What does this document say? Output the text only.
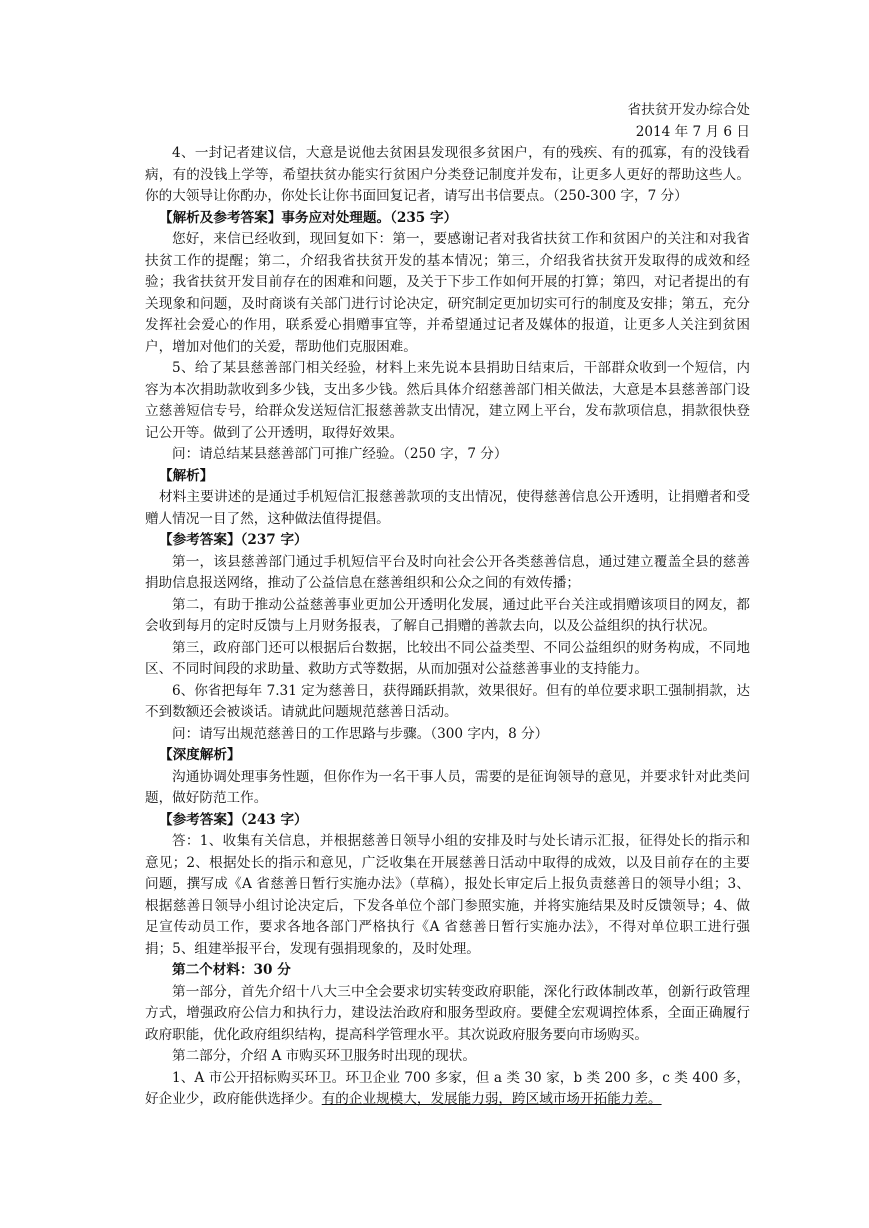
省扶贫开发办综合处

2014 年 7 月 6 日

4、一封记者建议信，大意是说他去贫困县发现很多贫困户，有的残疾、有的孤寡，有的没钱看病，有的没钱上学等，希望扶贫办能实行贫困户分类登记制度并发布，让更多人更好的帮助这些人。你的大领导让你酌办，你处长让你书面回复记者，请写出书信要点。（250-300 字，7 分）

【解析及参考答案】事务应对处理题。（235 字）

您好，来信已经收到，现回复如下：第一，要感谢记者对我省扶贫工作和贫困户的关注和对我省扶贫工作的提醒；第二，介绍我省扶贫开发的基本情况；第三，介绍我省扶贫开发取得的成效和经验；我省扶贫开发目前存在的困难和问题，及关于下步工作如何开展的打算；第四，对记者提出的有关现象和问题，及时商谈有关部门进行讨论决定，研究制定更加切实可行的制度及安排；第五，充分发挥社会爱心的作用，联系爱心捐赠事宜等，并希望通过记者及媒体的报道，让更多人关注到贫困户，增加对他们的关爱，帮助他们克服困难。

5、给了某县慈善部门相关经验，材料上来先说本县捐助日结束后，干部群众收到一个短信，内容为本次捐助款收到多少钱，支出多少钱。然后具体介绍慈善部门相关做法，大意是本县慈善部门设立慈善短信专号，给群众发送短信汇报慈善款支出情况，建立网上平台，发布款项信息，捐款很快登记公开等。做到了公开透明，取得好效果。

问：请总结某县慈善部门可推广经验。（250 字，7 分）

【解析】

材料主要讲述的是通过手机短信汇报慈善款项的支出情况，使得慈善信息公开透明，让捐赠者和受赠人情况一目了然，这种做法值得提倡。

【参考答案】（237 字）

第一，该县慈善部门通过手机短信平台及时向社会公开各类慈善信息，通过建立覆盖全县的慈善捐助信息报送网络，推动了公益信息在慈善组织和公众之间的有效传播；

第二，有助于推动公益慈善事业更加公开透明化发展，通过此平台关注或捐赠该项目的网友，都会收到每月的定时反馈与上月财务报表，了解自己捐赠的善款去向，以及公益组织的执行状况。

第三，政府部门还可以根据后台数据，比较出不同公益类型、不同公益组织的财务构成，不同地区、不同时间段的求助量、救助方式等数据，从而加强对公益慈善事业的支持能力。

6、你省把每年 7.31 定为慈善日，获得踊跃捐款，效果很好。但有的单位要求职工强制捐款，达不到数额还会被谈话。请就此问题规范慈善日活动。

问：请写出规范慈善日的工作思路与步骤。（300 字内，8 分）

【深度解析】

沟通协调处理事务性题，但你作为一名干事人员，需要的是征询领导的意见，并要求针对此类问题，做好防范工作。

【参考答案】（243 字）

答：1、收集有关信息，并根据慈善日领导小组的安排及时与处长请示汇报，征得处长的指示和意见；2、根据处长的指示和意见，广泛收集在开展慈善日活动中取得的成效，以及目前存在的主要问题，撰写成《A 省慈善日暂行实施办法》（草稿），报处长审定后上报负责慈善日的领导小组；3、根据慈善日领导小组讨论决定后，下发各单位个部门参照实施，并将实施结果及时反馈领导；4、做足宣传动员工作，要求各地各部门严格执行《A 省慈善日暂行实施办法》，不得对单位职工进行强捐；5、组建举报平台，发现有强捐现象的，及时处理。

第二个材料：30 分

第一部分，首先介绍十八大三中全会要求切实转变政府职能，深化行政体制改革，创新行政管理方式，增强政府公信力和执行力，建设法治政府和服务型政府。要健全宏观调控体系，全面正确履行政府职能，优化政府组织结构，提高科学管理水平。其次说政府服务要向市场购买。

第二部分，介绍 A 市购买环卫服务时出现的现状。

1、A 市公开招标购买环卫。环卫企业 700 多家，但 a 类 30 家，b 类 200 多，c 类 400 多，好企业少，政府能供选择少。有的企业规模大，发展能力弱，跨区域市场开拓能力差。
